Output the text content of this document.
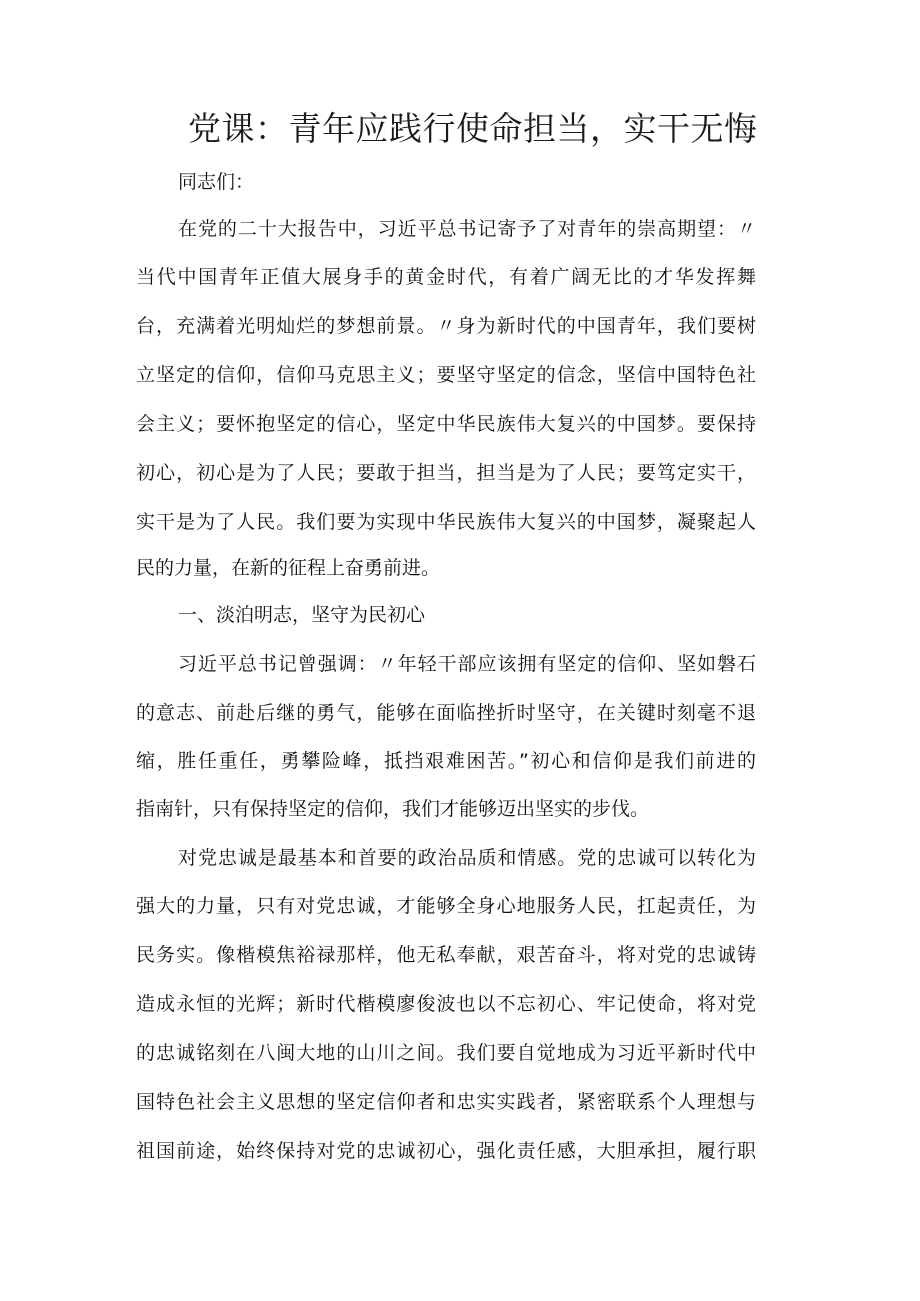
党课：青年应践行使命担当，实干无悔
同志们：
在党的二十大报告中，习近平总书记寄予了对青年的崇高期望：〃
当代中国青年正值大展身手的黄金时代，有着广阔无比的才华发挥舞
台，充满着光明灿烂的梦想前景。〃身为新时代的中国青年，我们要树
立坚定的信仰，信仰马克思主义；要坚守坚定的信念，坚信中国特色社
会主义；要怀抱坚定的信心，坚定中华民族伟大复兴的中国梦。要保持
初心，初心是为了人民；要敢于担当，担当是为了人民；要笃定实干，
实干是为了人民。我们要为实现中华民族伟大复兴的中国梦，凝聚起人
民的力量，在新的征程上奋勇前进。
一、淡泊明志，坚守为民初心
习近平总书记曾强调：〃年轻干部应该拥有坚定的信仰、坚如磐石
的意志、前赴后继的勇气，能够在面临挫折时坚守，在关键时刻毫不退
缩，胜任重任，勇攀险峰，抵挡艰难困苦。”初心和信仰是我们前进的
指南针，只有保持坚定的信仰，我们才能够迈出坚实的步伐。
对党忠诚是最基本和首要的政治品质和情感。党的忠诚可以转化为
强大的力量，只有对党忠诚，才能够全身心地服务人民，扛起责任，为
民务实。像楷模焦裕禄那样，他无私奉献，艰苦奋斗，将对党的忠诚铸
造成永恒的光辉；新时代楷模廖俊波也以不忘初心、牢记使命，将对党
的忠诚铭刻在八闽大地的山川之间。我们要自觉地成为习近平新时代中
国特色社会主义思想的坚定信仰者和忠实实践者，紧密联系个人理想与
祖国前途，始终保持对党的忠诚初心，强化责任感，大胆承担，履行职
